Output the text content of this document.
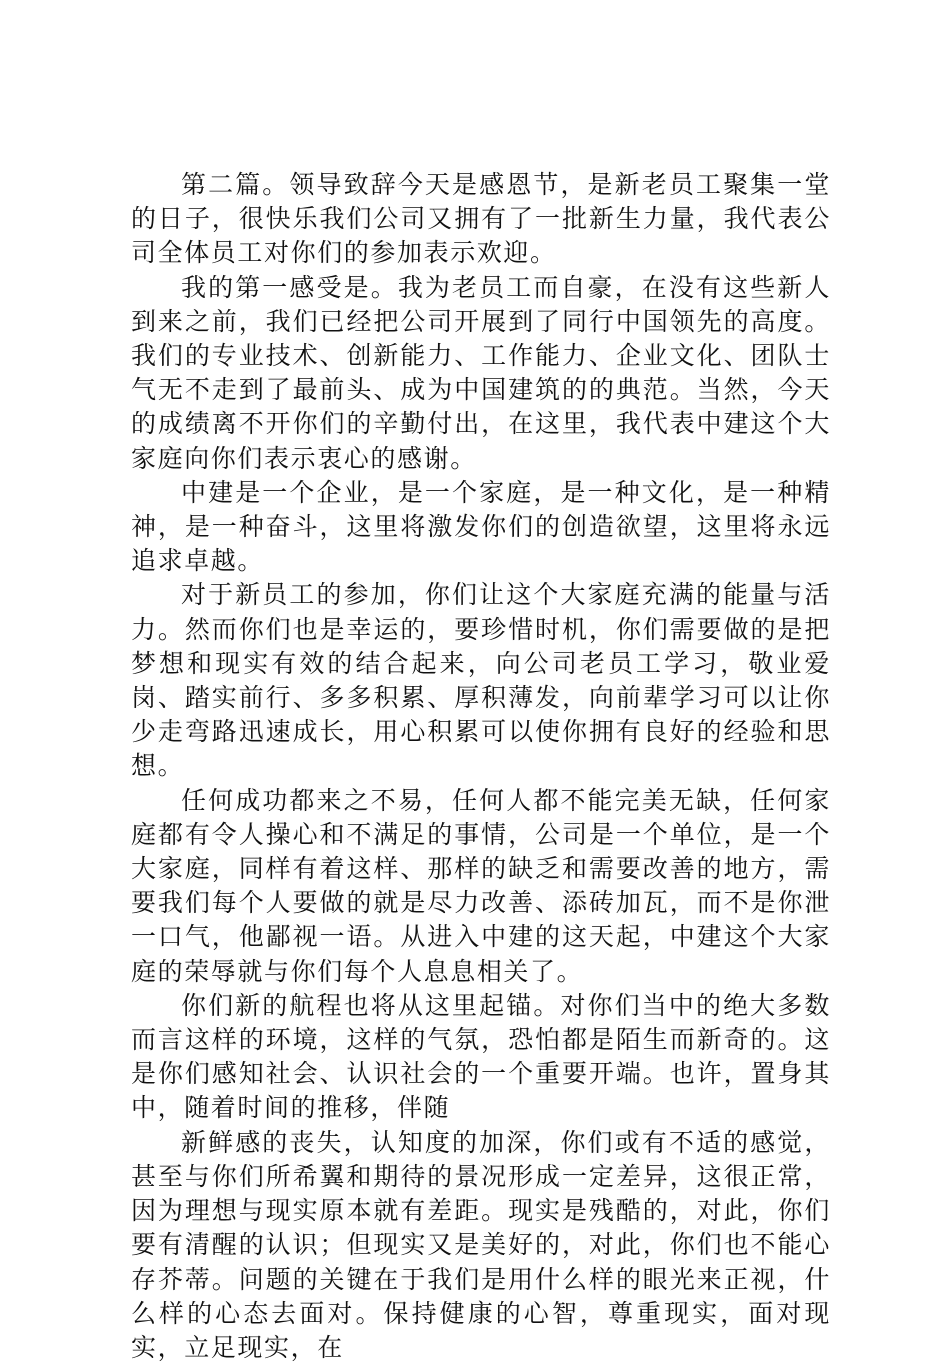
第二篇。领导致辞今天是感恩节，是新老员工聚集一堂的日子，很快乐我们公司又拥有了一批新生力量，我代表公司全体员工对你们的参加表示欢迎。

我的第一感受是。我为老员工而自豪，在没有这些新人到来之前，我们已经把公司开展到了同行中国领先的高度。我们的专业技术、创新能力、工作能力、企业文化、团队士气无不走到了最前头、成为中国建筑的的典范。当然，今天的成绩离不开你们的辛勤付出，在这里，我代表中建这个大家庭向你们表示衷心的感谢。

中建是一个企业，是一个家庭，是一种文化，是一种精神，是一种奋斗，这里将激发你们的创造欲望，这里将永远追求卓越。

对于新员工的参加，你们让这个大家庭充满的能量与活力。然而你们也是幸运的，要珍惜时机，你们需要做的是把梦想和现实有效的结合起来，向公司老员工学习，敬业爱岗、踏实前行、多多积累、厚积薄发，向前辈学习可以让你少走弯路迅速成长，用心积累可以使你拥有良好的经验和思想。

任何成功都来之不易，任何人都不能完美无缺，任何家庭都有令人操心和不满足的事情，公司是一个单位，是一个大家庭，同样有着这样、那样的缺乏和需要改善的地方，需要我们每个人要做的就是尽力改善、添砖加瓦，而不是你泄一口气，他鄙视一语。从进入中建的这天起，中建这个大家庭的荣辱就与你们每个人息息相关了。

你们新的航程也将从这里起锚。对你们当中的绝大多数而言这样的环境，这样的气氛，恐怕都是陌生而新奇的。这是你们感知社会、认识社会的一个重要开端。也许，置身其中，随着时间的推移，伴随

新鲜感的丧失，认知度的加深，你们或有不适的感觉，甚至与你们所希翼和期待的景况形成一定差异，这很正常，因为理想与现实原本就有差距。现实是残酷的，对此，你们要有清醒的认识；但现实又是美好的，对此，你们也不能心存芥蒂。问题的关键在于我们是用什么样的眼光来正视，什么样的心态去面对。保持健康的心智，尊重现实，面对现实，立足现实，在
